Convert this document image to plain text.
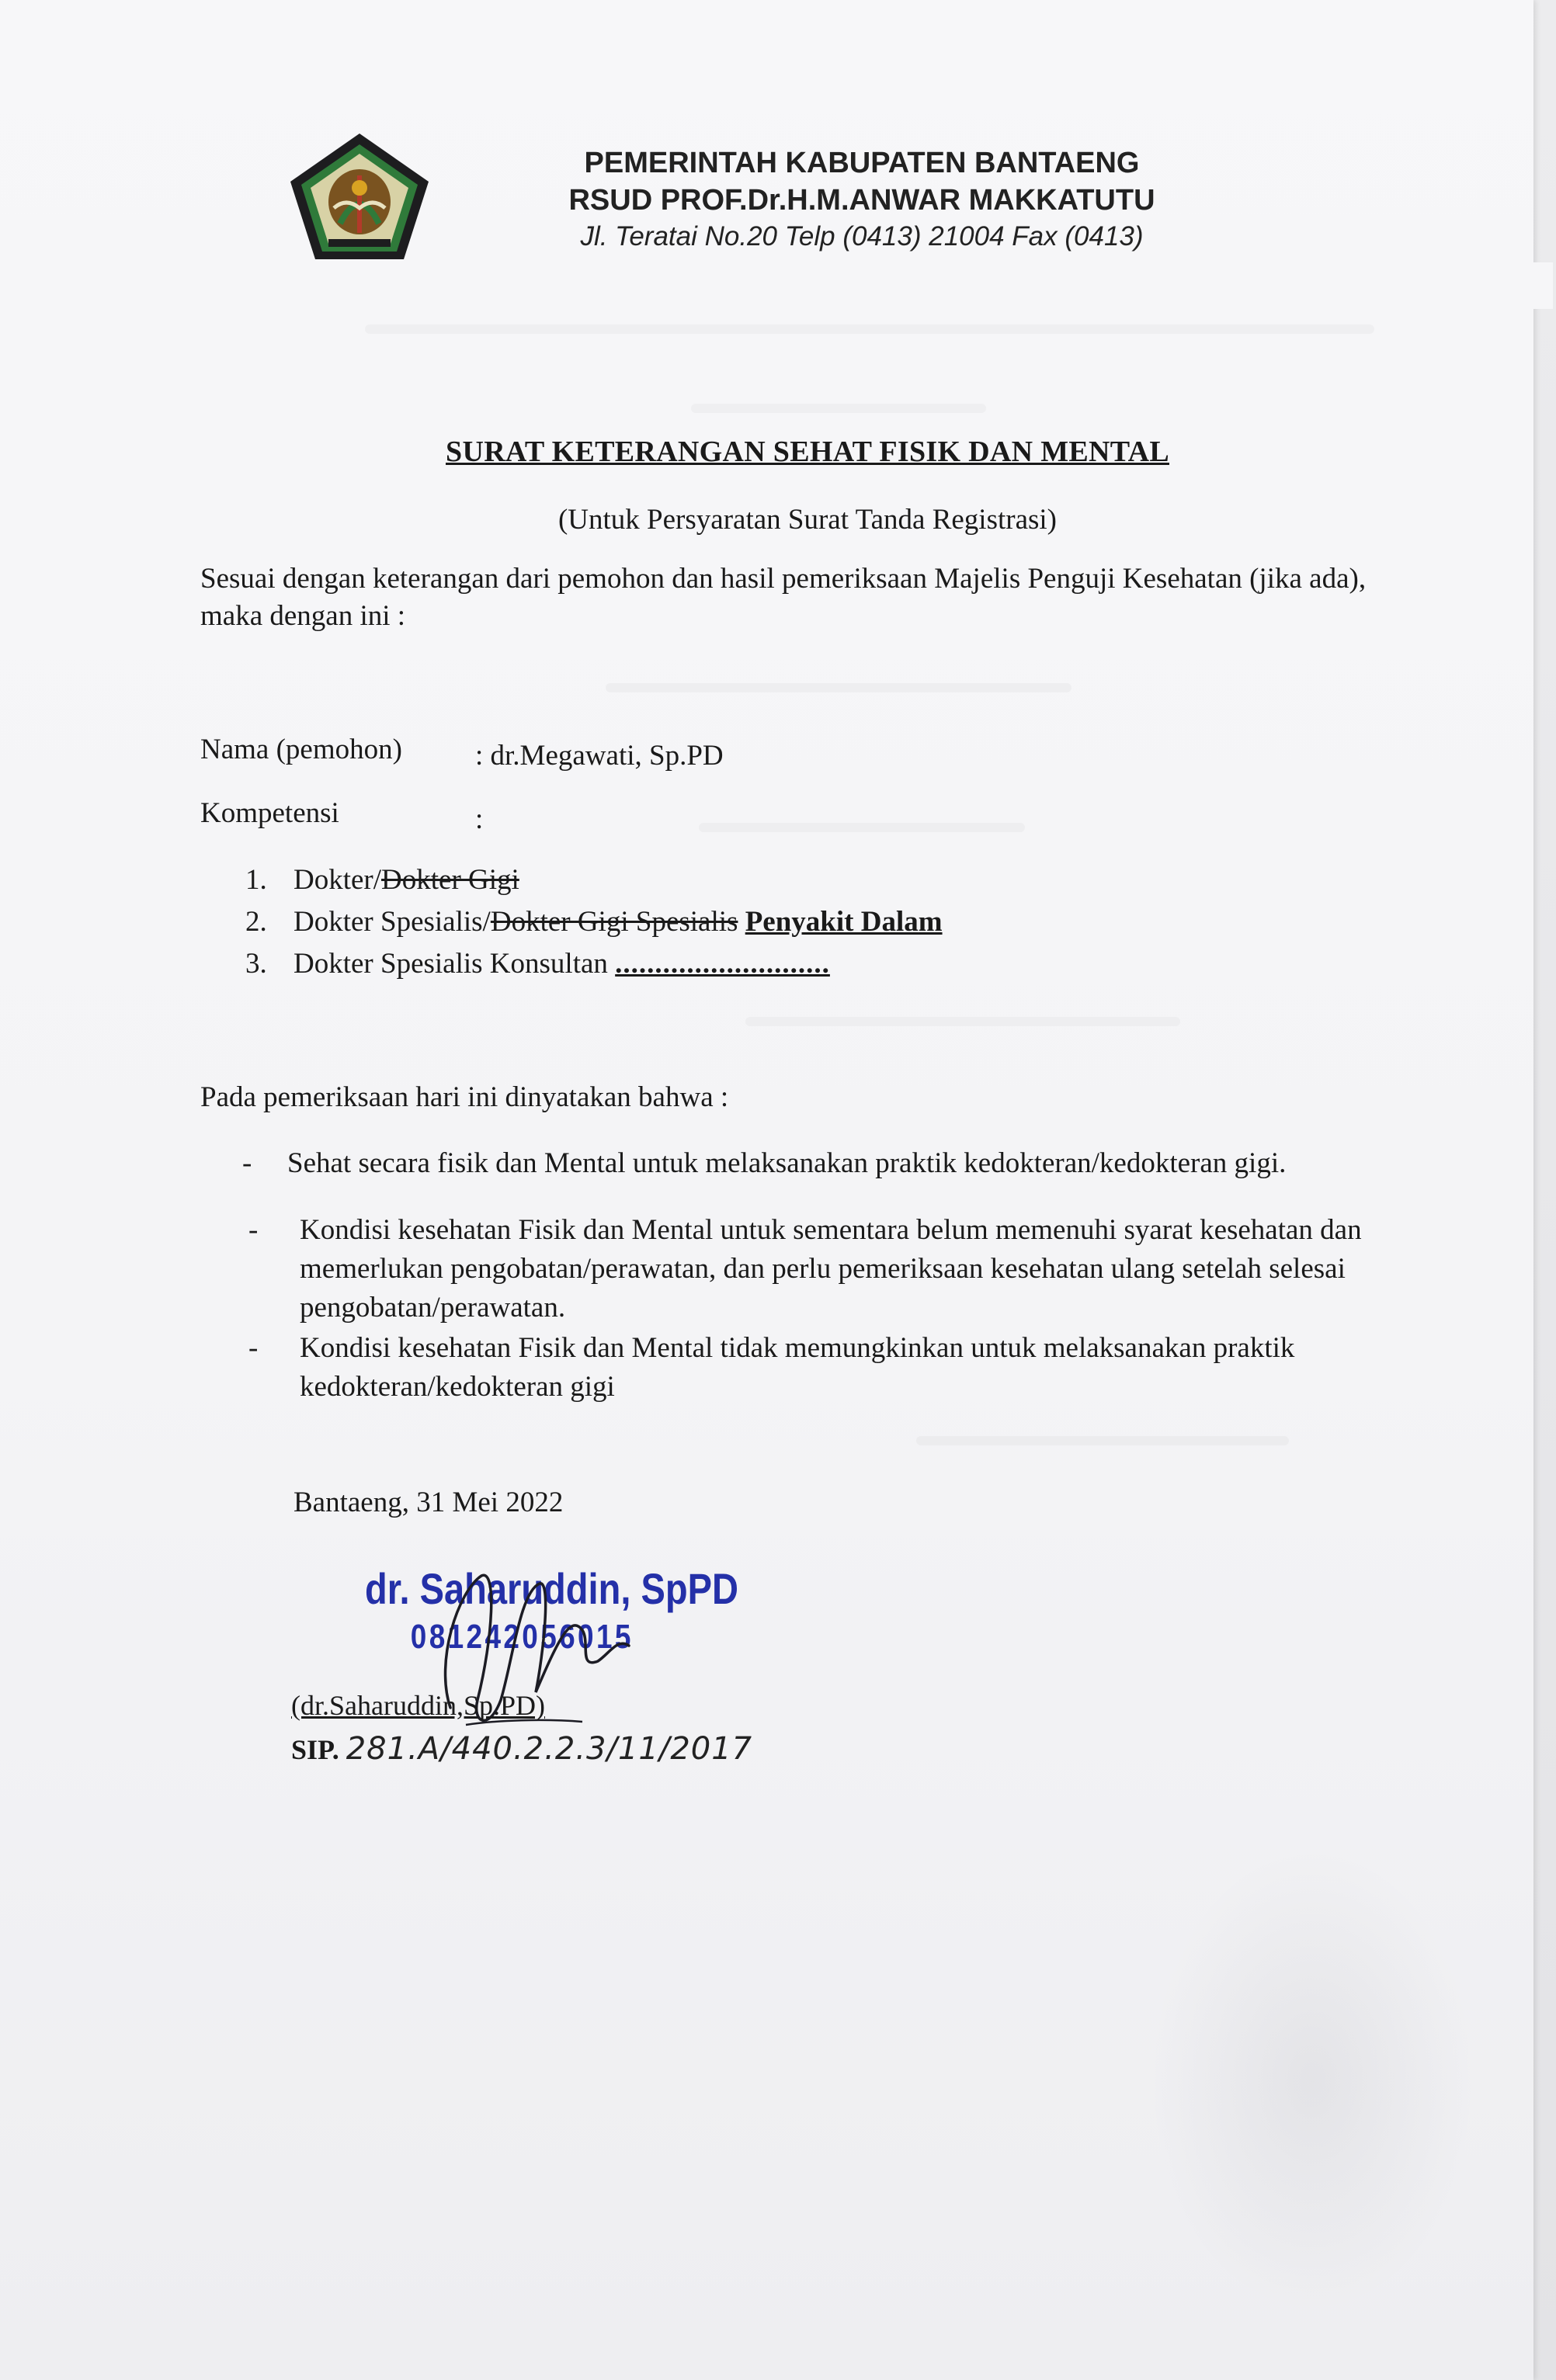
PEMERINTAH KABUPATEN BANTAENG
RSUD PROF.Dr.H.M.ANWAR MAKKATUTU
Jl. Teratai No.20 Telp (0413) 21004 Fax (0413)
SURAT KETERANGAN SEHAT FISIK DAN MENTAL
(Untuk Persyaratan Surat Tanda Registrasi)
Sesuai dengan keterangan dari pemohon dan hasil pemeriksaan Majelis Penguji Kesehatan (jika ada), maka dengan ini :
Nama (pemohon)	: dr.Megawati, Sp.PD
Kompetensi	:
1. Dokter/Dokter Gigi
2. Dokter Spesialis/Dokter Gigi Spesialis Penyakit Dalam
3. Dokter Spesialis Konsultan ...........................
Pada pemeriksaan hari ini dinyatakan bahwa :
- Sehat secara fisik dan Mental untuk melaksanakan praktik kedokteran/kedokteran gigi.
- Kondisi kesehatan Fisik dan Mental untuk sementara belum memenuhi syarat kesehatan dan memerlukan pengobatan/perawatan, dan perlu pemeriksaan kesehatan ulang setelah selesai pengobatan/perawatan.
- Kondisi kesehatan Fisik dan Mental tidak memungkinkan untuk melaksanakan praktik kedokteran/kedokteran gigi
Bantaeng, 31 Mei 2022
dr. Saharuddin, SpPD
081242056015
(dr.Saharuddin,Sp.PD)
SIP. 281.A/440.2.2.3/11/2017
